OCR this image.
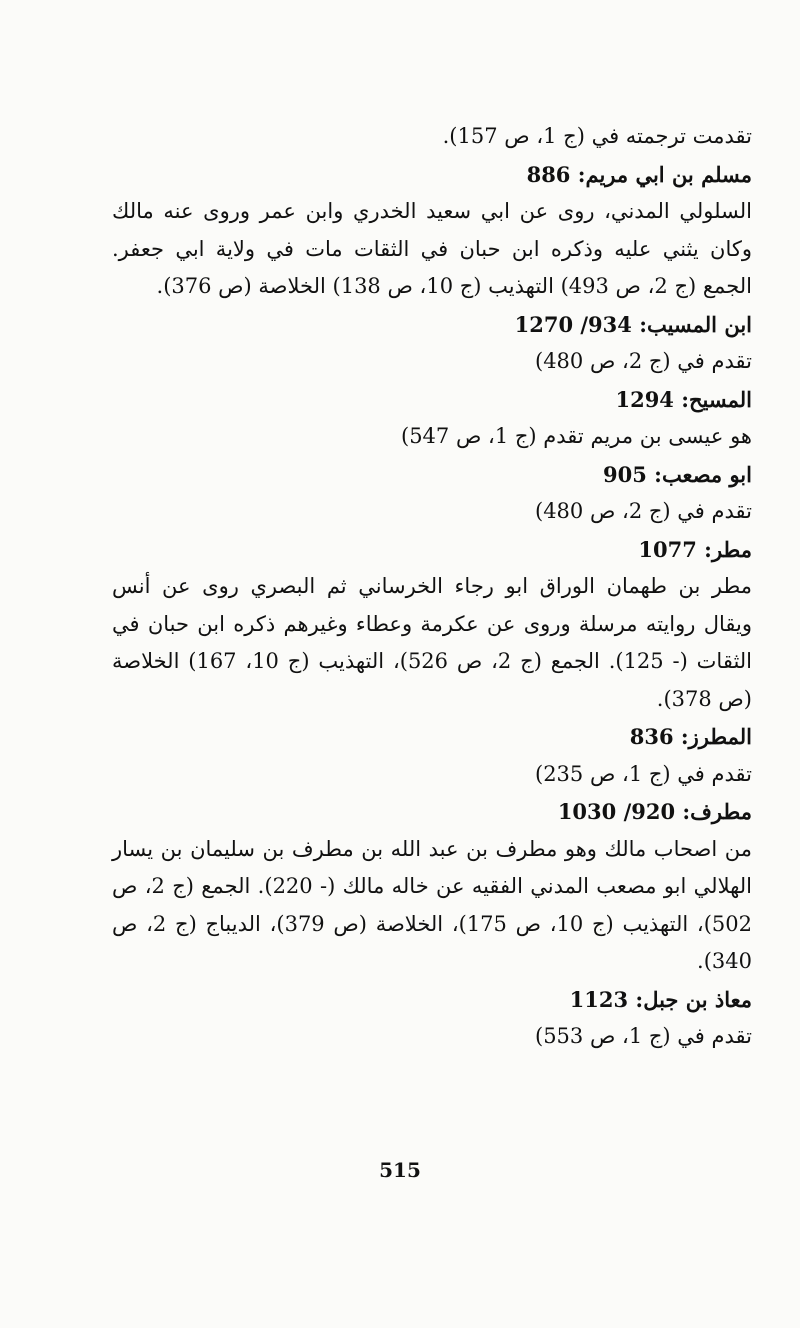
تقدمت ترجمته في (ج 1، ص 157).
مسلم بن ابي مريم: 886
السلولي المدني، روى عن ابي سعيد الخدري وابن عمر وروى عنه مالك وكان يثني عليه وذكره ابن حبان في الثقات مات في ولاية ابي جعفر. الجمع (ج 2، ص 493) التهذيب (ج 10، ص 138) الخلاصة (ص 376).
ابن المسيب: 934/ 1270
تقدم في (ج 2، ص 480)
المسيح: 1294
هو عيسى بن مريم تقدم (ج 1، ص 547)
ابو مصعب: 905
تقدم في (ج 2، ص 480)
مطر: 1077
مطر بن طهمان الوراق ابو رجاء الخرساني ثم البصري روى عن أنس ويقال روايته مرسلة وروى عن عكرمة وعطاء وغيرهم ذكره ابن حبان في الثقات (- 125). الجمع (ج 2، ص 526)، التهذيب (ج 10، 167) الخلاصة (ص 378).
المطرز: 836
تقدم في (ج 1، ص 235)
مطرف: 920/ 1030
من اصحاب مالك وهو مطرف بن عبد الله بن مطرف بن سليمان بن يسار الهلالي ابو مصعب المدني الفقيه عن خاله مالك (- 220). الجمع (ج 2، ص 502)، التهذيب (ج 10، ص 175)، الخلاصة (ص 379)، الديباج (ج 2، ص 340).
معاذ بن جبل: 1123
تقدم في (ج 1، ص 553)
515
